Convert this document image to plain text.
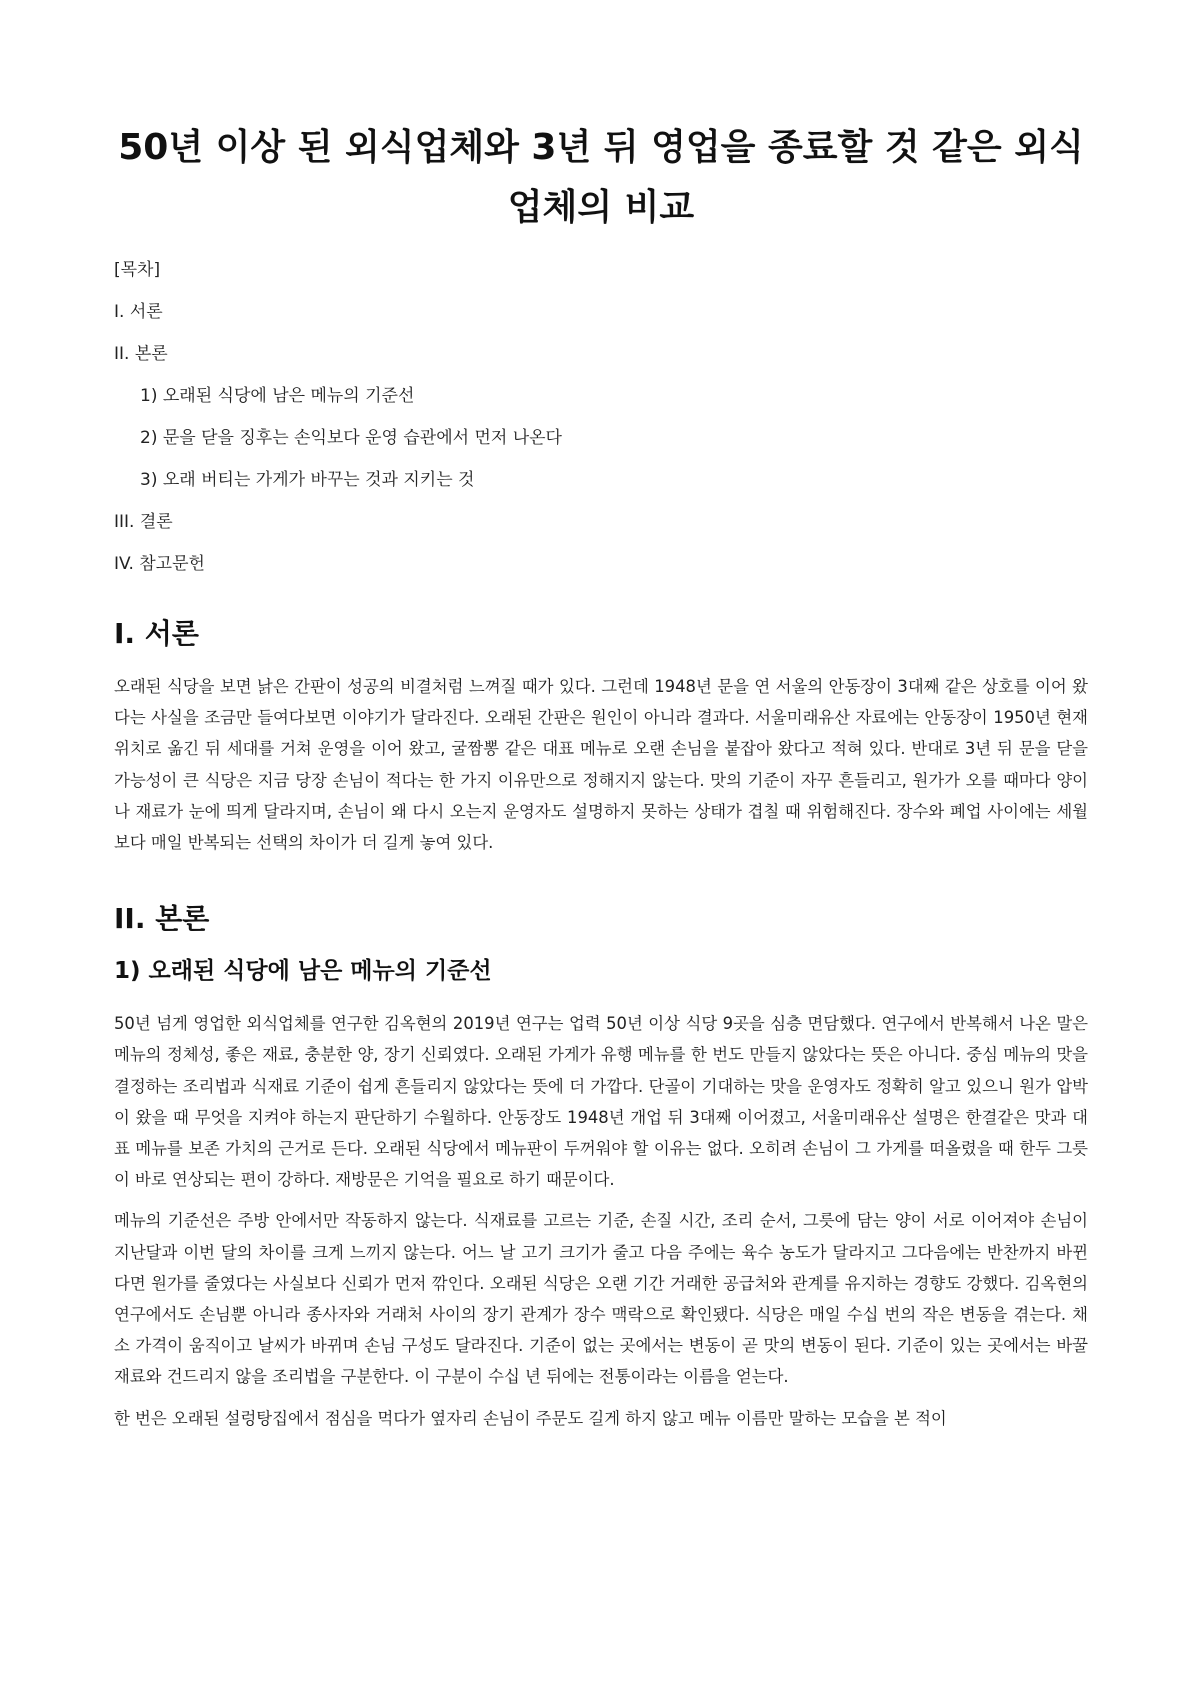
50년 이상 된 외식업체와 3년 뒤 영업을 종료할 것 같은 외식업체의 비교
[목차]
I. 서론
II. 본론
1) 오래된 식당에 남은 메뉴의 기준선
2) 문을 닫을 징후는 손익보다 운영 습관에서 먼저 나온다
3) 오래 버티는 가게가 바꾸는 것과 지키는 것
III. 결론
IV. 참고문헌
I. 서론

오래된 식당을 보면 낡은 간판이 성공의 비결처럼 느껴질 때가 있다. 그런데 1948년 문을 연 서울의 안동장이 3대째 같은 상호를 이어 왔다는 사실을 조금만 들여다보면 이야기가 달라진다. 오래된 간판은 원인이 아니라 결과다. 서울미래유산 자료에는 안동장이 1950년 현재 위치로 옮긴 뒤 세대를 거쳐 운영을 이어 왔고, 굴짬뽕 같은 대표 메뉴로 오랜 손님을 붙잡아 왔다고 적혀 있다. 반대로 3년 뒤 문을 닫을 가능성이 큰 식당은 지금 당장 손님이 적다는 한 가지 이유만으로 정해지지 않는다. 맛의 기준이 자꾸 흔들리고, 원가가 오를 때마다 양이나 재료가 눈에 띄게 달라지며, 손님이 왜 다시 오는지 운영자도 설명하지 못하는 상태가 겹칠 때 위험해진다. 장수와 폐업 사이에는 세월보다 매일 반복되는 선택의 차이가 더 길게 놓여 있다.

II. 본론
1) 오래된 식당에 남은 메뉴의 기준선

50년 넘게 영업한 외식업체를 연구한 김옥현의 2019년 연구는 업력 50년 이상 식당 9곳을 심층 면담했다. 연구에서 반복해서 나온 말은 메뉴의 정체성, 좋은 재료, 충분한 양, 장기 신뢰였다. 오래된 가게가 유행 메뉴를 한 번도 만들지 않았다는 뜻은 아니다. 중심 메뉴의 맛을 결정하는 조리법과 식재료 기준이 쉽게 흔들리지 않았다는 뜻에 더 가깝다. 단골이 기대하는 맛을 운영자도 정확히 알고 있으니 원가 압박이 왔을 때 무엇을 지켜야 하는지 판단하기 수월하다. 안동장도 1948년 개업 뒤 3대째 이어졌고, 서울미래유산 설명은 한결같은 맛과 대표 메뉴를 보존 가치의 근거로 든다. 오래된 식당에서 메뉴판이 두꺼워야 할 이유는 없다. 오히려 손님이 그 가게를 떠올렸을 때 한두 그릇이 바로 연상되는 편이 강하다. 재방문은 기억을 필요로 하기 때문이다.

메뉴의 기준선은 주방 안에서만 작동하지 않는다. 식재료를 고르는 기준, 손질 시간, 조리 순서, 그릇에 담는 양이 서로 이어져야 손님이 지난달과 이번 달의 차이를 크게 느끼지 않는다. 어느 날 고기 크기가 줄고 다음 주에는 육수 농도가 달라지고 그다음에는 반찬까지 바뀐다면 원가를 줄였다는 사실보다 신뢰가 먼저 깎인다. 오래된 식당은 오랜 기간 거래한 공급처와 관계를 유지하는 경향도 강했다. 김옥현의 연구에서도 손님뿐 아니라 종사자와 거래처 사이의 장기 관계가 장수 맥락으로 확인됐다. 식당은 매일 수십 번의 작은 변동을 겪는다. 채소 가격이 움직이고 날씨가 바뀌며 손님 구성도 달라진다. 기준이 없는 곳에서는 변동이 곧 맛의 변동이 된다. 기준이 있는 곳에서는 바꿀 재료와 건드리지 않을 조리법을 구분한다. 이 구분이 수십 년 뒤에는 전통이라는 이름을 얻는다.

한 번은 오래된 설렁탕집에서 점심을 먹다가 옆자리 손님이 주문도 길게 하지 않고 메뉴 이름만 말하는 모습을 본 적이
